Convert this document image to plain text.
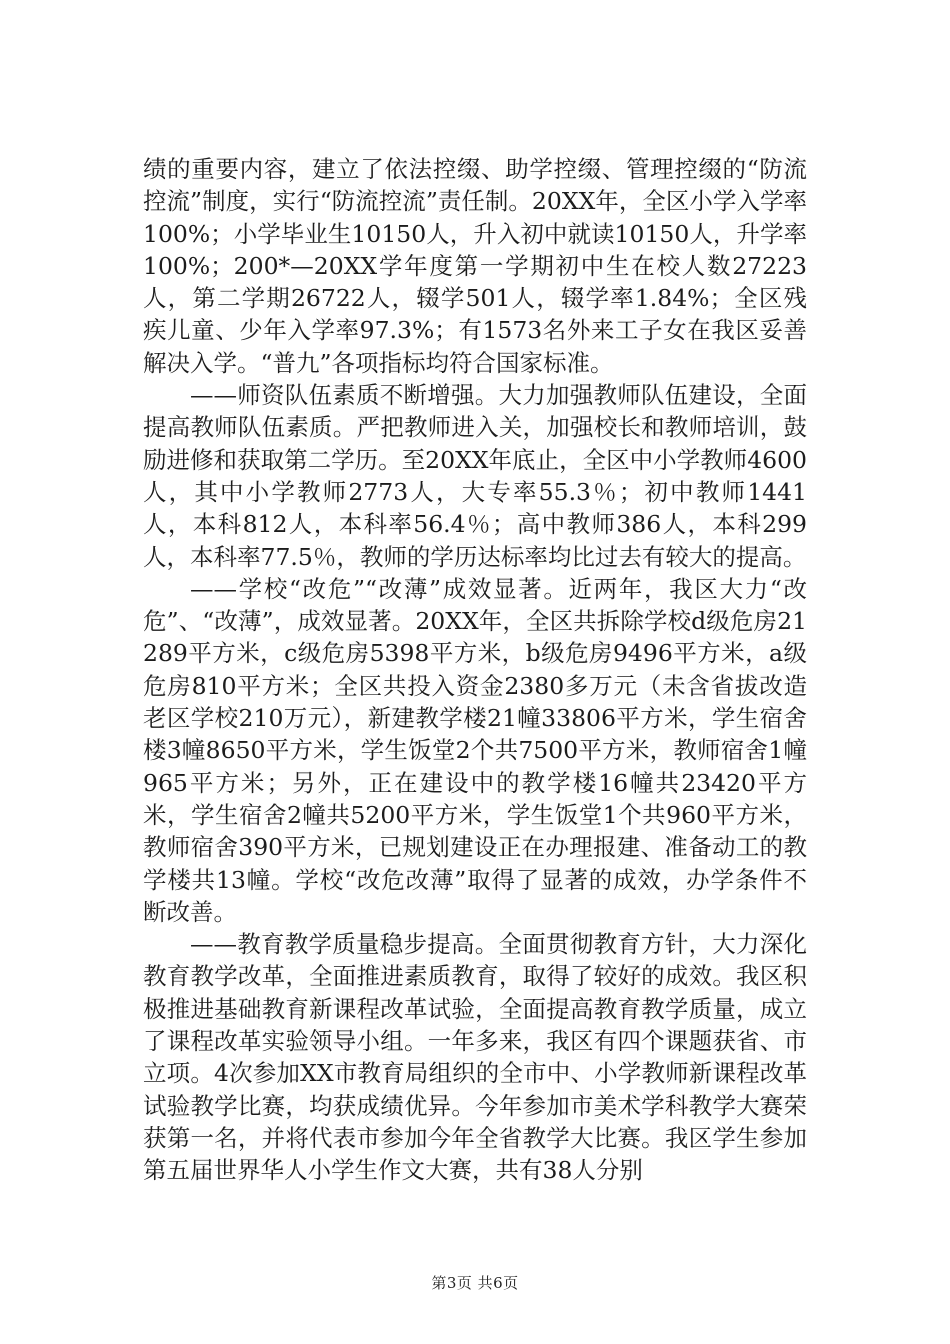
绩的重要内容，建立了依法控缀、助学控缀、管理控缀的“防流控流”制度，实行“防流控流”责任制。20XX年，全区小学入学率100%；小学毕业生10150人，升入初中就读10150人，升学率100%；200*—20XX学年度第一学期初中生在校人数27223人，第二学期26722人，辍学501人，辍学率1.84%；全区残疾儿童、少年入学率97.3%；有1573名外来工子女在我区妥善解决入学。“普九”各项指标均符合国家标准。

——师资队伍素质不断增强。大力加强教师队伍建设，全面提高教师队伍素质。严把教师进入关，加强校长和教师培训，鼓励进修和获取第二学历。至20XX年底止，全区中小学教师4600人，其中小学教师2773人，大专率55.3％；初中教师1441人，本科812人，本科率56.4％；高中教师386人，本科299人，本科率77.5％，教师的学历达标率均比过去有较大的提高。

——学校“改危”“改薄”成效显著。近两年，我区大力“改危”、“改薄”，成效显著。20XX年，全区共拆除学校d级危房21289平方米，c级危房5398平方米，b级危房9496平方米，a级危房810平方米；全区共投入资金2380多万元（未含省拔改造老区学校210万元），新建教学楼21幢33806平方米，学生宿舍楼3幢8650平方米，学生饭堂2个共7500平方米，教师宿舍1幢965平方米；另外，正在建设中的教学楼16幢共23420平方米，学生宿舍2幢共5200平方米，学生饭堂1个共960平方米，教师宿舍390平方米，已规划建设正在办理报建、准备动工的教学楼共13幢。学校“改危改薄”取得了显著的成效，办学条件不断改善。

——教育教学质量稳步提高。全面贯彻教育方针，大力深化教育教学改革，全面推进素质教育，取得了较好的成效。我区积极推进基础教育新课程改革试验，全面提高教育教学质量，成立了课程改革实验领导小组。一年多来，我区有四个课题获省、市立项。4次参加XX市教育局组织的全市中、小学教师新课程改革试验教学比赛，均获成绩优异。今年参加市美术学科教学大赛荣获第一名，并将代表市参加今年全省教学大比赛。我区学生参加第五届世界华人小学生作文大赛，共有38人分别

第3页 共6页
